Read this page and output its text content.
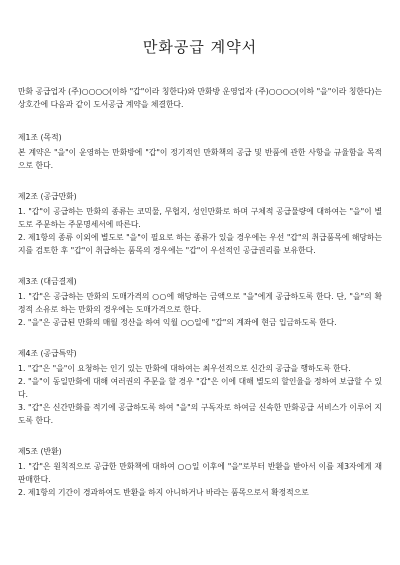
만화공급 계약서

만화 공급업자 (주)○○○○(이하 "갑"이라 칭한다)와 만화방 운영업자 (주)○○○○(이하 "을"이라 칭한다)는 상호간에 다음과 같이 도서공급 계약을 체결한다.

제1조 (목적)

본 계약은 "을"이 운영하는 만화방에 "갑"이 정기적인 만화책의 공급 및 반품에 관한 사항을 규율함을 목적으로 한다.

제2조 (공급만화)

1. "갑"이 공급하는 만화의 종류는 코믹물, 무협지, 성인만화로 하며 구체적 공급물량에 대하여는 "을"이 별도로 주문하는 주문명세서에 따른다.

2. 제1항의 종류 이외에 별도로 "을"이 필요로 하는 종류가 있을 경우에는 우선 "갑"의 취급품목에 해당하는지를 검토한 후 "갑"이 취급하는 품목의 경우에는 "갑"이 우선적인 공급권리를 보유한다.

제3조 (대금결제)

1. "갑"은 공급하는 만화의 도매가격의 ○○에 해당하는 금액으로 "을"에게 공급하도록 한다. 단, "을"의 확정적 소유로 하는 만화의 경우에는 도매가격으로 한다.

2. "을"은 공급된 만화의 매월 정산을 하여 익월 ○○일에 "갑"의 계좌에 현금 입금하도록 한다.

제4조 (공급특약)

1. "갑"은 "을"이 요청하는 인기 있는 만화에 대하여는 최우선적으로 신간의 공급을 행하도록 한다.

2. "을"이 동일만화에 대해 여러권의 주문을 할 경우 "갑"은 이에 대해 별도의 할인율을 정하여 보급할 수 있다.

3. "갑"은 신간만화를 적기에 공급하도록 하여 "을"의 구독자로 하여금 신속한 만화공급 서비스가 이루어 지도록 한다.

제5조 (반환)

1. "갑"은 원칙적으로 공급한 만화책에 대하여 ○○일 이후에 "을"로부터 반환을 받아서 이를 제3자에게 재 판매한다.

2. 제1항의 기간이 경과하여도 반환을 하지 아니하거나 바라는 품목으로서 확정적으로
